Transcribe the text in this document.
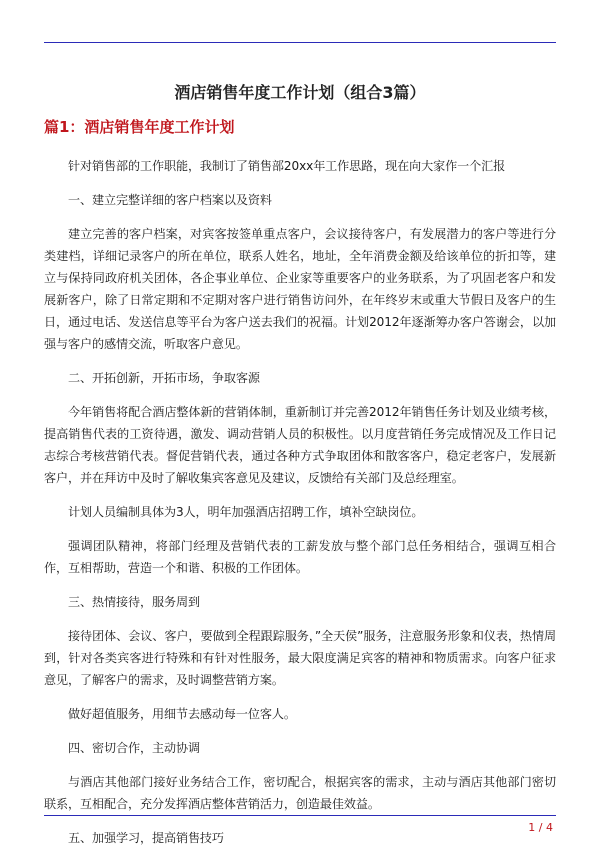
酒店销售年度工作计划（组合3篇）
篇1：酒店销售年度工作计划

针对销售部的工作职能，我制订了销售部20xx年工作思路，现在向大家作一个汇报

一、建立完整详细的客户档案以及资料

建立完善的客户档案，对宾客按签单重点客户，会议接待客户，有发展潜力的客户等进行分类建档，详细记录客户的所在单位，联系人姓名，地址，全年消费金额及给该单位的折扣等，建立与保持同政府机关团体，各企事业单位、企业家等重要客户的业务联系，为了巩固老客户和发展新客户，除了日常定期和不定期对客户进行销售访问外，在年终岁末或重大节假日及客户的生日，通过电话、发送信息等平台为客户送去我们的祝福。计划2012年逐渐筹办客户答谢会，以加强与客户的感情交流，听取客户意见。

二、开拓创新，开拓市场，争取客源

今年销售将配合酒店整体新的营销体制，重新制订并完善2012年销售任务计划及业绩考核，提高销售代表的工资待遇，激发、调动营销人员的积极性。以月度营销任务完成情况及工作日记志综合考核营销代表。督促营销代表，通过各种方式争取团体和散客客户，稳定老客户，发展新客户，并在拜访中及时了解收集宾客意见及建议，反馈给有关部门及总经理室。

计划人员编制具体为3人，明年加强酒店招聘工作，填补空缺岗位。

强调团队精神，将部门经理及营销代表的工薪发放与整个部门总任务相结合，强调互相合作，互相帮助，营造一个和谐、积极的工作团体。

三、热情接待，服务周到

接待团体、会议、客户，要做到全程跟踪服务，”全天侯”服务，注意服务形象和仪表，热情周到，针对各类宾客进行特殊和有针对性服务，最大限度满足宾客的精神和物质需求。向客户征求意见，了解客户的需求，及时调整营销方案。

做好超值服务，用细节去感动每一位客人。

四、密切合作，主动协调

与酒店其他部门接好业务结合工作，密切配合，根据宾客的需求，主动与酒店其他部门密切联系，互相配合，充分发挥酒店整体营销活力，创造最佳效益。

五、加强学习，提高销售技巧

1 / 4
